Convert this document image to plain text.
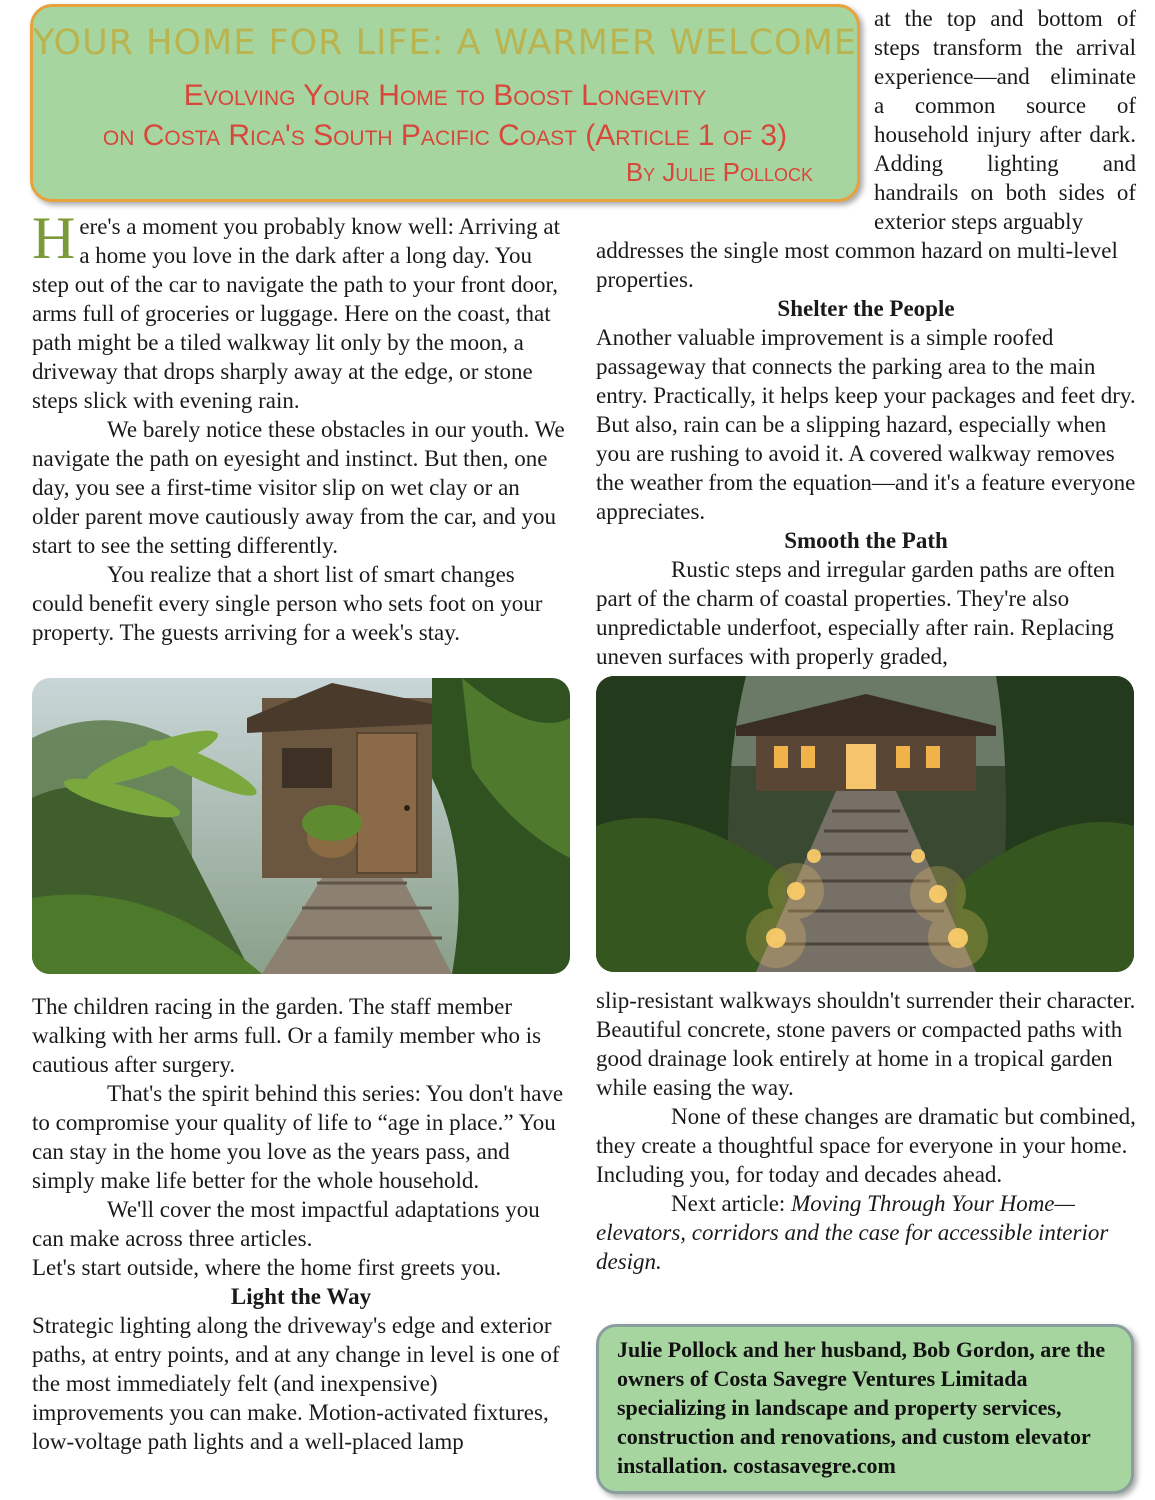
YOUR HOME FOR LIFE: A WARMER WELCOME
Evolving Your Home to Boost Longevity
on Costa Rica's South Pacific Coast (Article 1 of 3)
By Julie Pollock

at the top and bottom of steps transform the arrival experience—and eliminate a common source of household injury after dark. Adding lighting and handrails on both sides of exterior steps arguably

addresses the single most common hazard on multi-level properties.

Shelter the People

Another valuable improvement is a simple roofed passageway that connects the parking area to the main entry. Practically, it helps keep your packages and feet dry. But also, rain can be a slipping hazard, especially when you are rushing to avoid it. A covered walkway removes the weather from the equation—and it's a feature everyone appreciates.

Smooth the Path

Rustic steps and irregular garden paths are often part of the charm of coastal properties. They're also unpredictable underfoot, especially after rain. Replacing uneven surfaces with properly graded,

Here's a moment you probably know well: Arriving at a home you love in the dark after a long day. You step out of the car to navigate the path to your front door, arms full of groceries or luggage. Here on the coast, that path might be a tiled walkway lit only by the moon, a driveway that drops sharply away at the edge, or stone steps slick with evening rain.

We barely notice these obstacles in our youth. We navigate the path on eyesight and instinct. But then, one day, you see a first-time visitor slip on wet clay or an older parent move cautiously away from the car, and you start to see the setting differently.

You realize that a short list of smart changes could benefit every single person who sets foot on your property. The guests arriving for a week's stay.

The children racing in the garden. The staff member walking with her arms full. Or a family member who is cautious after surgery.

That's the spirit behind this series: You don't have to compromise your quality of life to “age in place.” You can stay in the home you love as the years pass, and simply make life better for the whole household.

We'll cover the most impactful adaptations you can make across three articles.

Let's start outside, where the home first greets you.

Light the Way

Strategic lighting along the driveway's edge and exterior paths, at entry points, and at any change in level is one of the most immediately felt (and inexpensive) improvements you can make. Motion-activated fixtures, low-voltage path lights and a well-placed lamp

slip-resistant walkways shouldn't surrender their character. Beautiful concrete, stone pavers or compacted paths with good drainage look entirely at home in a tropical garden while easing the way.

None of these changes are dramatic but combined, they create a thoughtful space for everyone in your home. Including you, for today and decades ahead.

Next article: Moving Through Your Home—elevators, corridors and the case for accessible interior design.

Julie Pollock and her husband, Bob Gordon, are the owners of Costa Savegre Ventures Limitada specializing in landscape and property services, construction and renovations, and custom elevator installation. costasavegre.com
